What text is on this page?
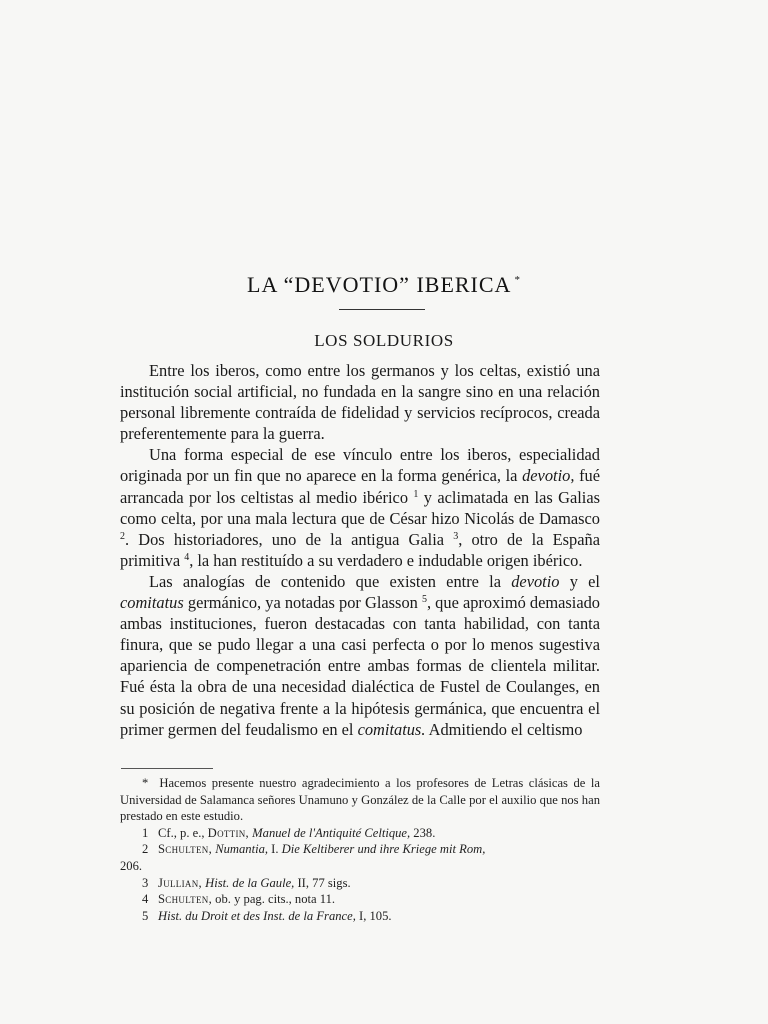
LA “DEVOTIO” IBERICA *
LOS SOLDURIOS

Entre los iberos, como entre los germanos y los celtas, existió una institución social artificial, no fundada en la sangre sino en una relación personal libremente contraída de fidelidad y servicios recíprocos, creada preferentemente para la guerra.

Una forma especial de ese vínculo entre los iberos, especialidad originada por un fin que no aparece en la forma genérica, la devotio, fué arrancada por los celtistas al medio ibérico $^1$ y aclimatada en las Galias como celta, por una mala lectura que de César hizo Nicolás de Damasco $^2$. Dos historiadores, uno de la antigua Galia $^3$, otro de la España primitiva $^4$, la han restituído a su verdadero e indudable origen ibérico.

Las analogías de contenido que existen entre la devotio y el comitatus germánico, ya notadas por Glasson $^5$, que aproximó demasiado ambas instituciones, fueron destacadas con tanta habilidad, con tanta finura, que se pudo llegar a una casi perfecta o por lo menos sugestiva apariencia de compenetración entre ambas formas de clientela militar. Fué ésta la obra de una necesidad dialéctica de Fustel de Coulanges, en su posición de negativa frente a la hipótesis germánica, que encuentra el primer germen del feudalismo en el comitatus. Admitiendo el celtismo

* Hacemos presente nuestro agradecimiento a los profesores de Letras clásicas de la Universidad de Salamanca señores Unamuno y González de la Calle por el auxilio que nos han prestado en este estudio.

1 Cf., p. e., Dottin, Manuel de l'Antiquité Celtique, 238.

2 Schulten, Numantia, I. Die Keltiberer und ihre Kriege mit Rom,
206.

3 Jullian, Hist. de la Gaule, II, 77 sigs.

4 Schulten, ob. y pag. cits., nota 11.

5 Hist. du Droit et des Inst. de la France, I, 105.
